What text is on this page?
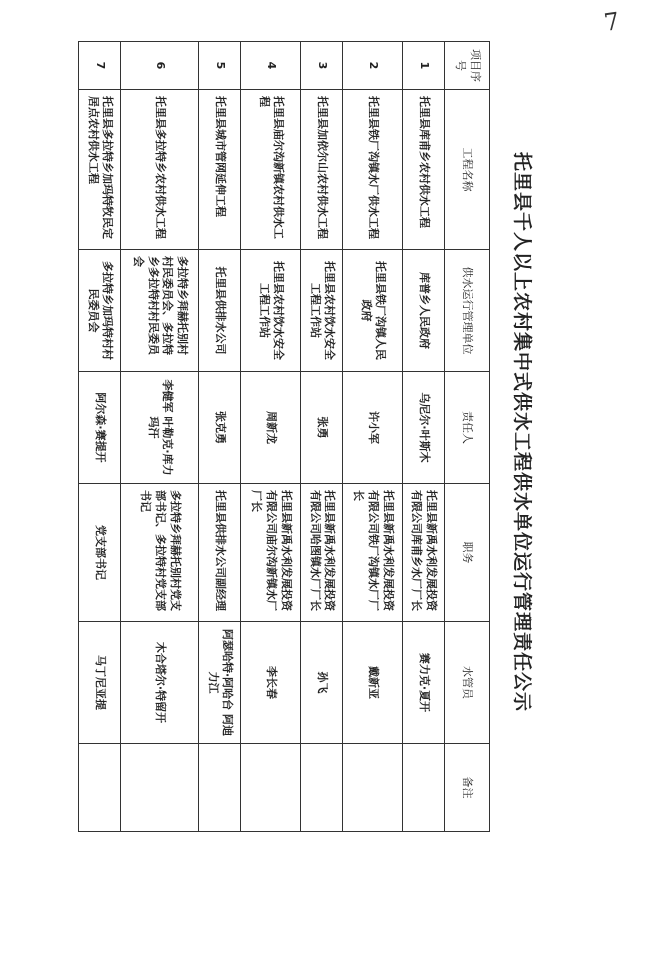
7
托里县千人以上农村集中式供水工程供水单位运行管理责任公示
项目序号	工程名称	供水运行管理单位	责任人	职务	水管员	备注
1	托里县库甫乡农村供水工程	库普乡人民政府	乌尼尔·叶斯木	托里县新禹水利发展投资有限公司库甫乡水厂厂长	赛力克·夏开	
2	托里县铁厂沟镇水厂供水工程	托里县铁厂沟镇人民政府	许小军	托里县新禹水利发展投资有限公司铁厂沟镇水厂厂长	戴新亚	
3	托里县加依尔山农村供水工程	托里县农村饮水安全工程工作站	张勇	托里县新禹水利发展投资有限公司哈图镇水厂厂长	孙飞	
4	托里县庙尔沟新镇农村供水工程	托里县农村饮水安全工程工作站	周新龙	托里县新禹水利发展投资有限公司庙尔沟新镇水厂厂长	李长春	
5	托里县城市管网延伸工程	托里县供排水公司	张克勇	托里县供排水公司副经理	阿瑟哈特·阿哈台 阿迪力江	
6	托里县多拉特乡农村供水工程	多拉特乡拜赫托别村村民委员会、多拉特乡多拉特村村民委员会	李健军 叶勒克·库力玛汗	多拉特乡拜赫托别村党支部书记、多拉特村党支部书记	木合塔尔·特留开	
7	托里县多拉特乡加玛特牧民定居点农村供水工程	多拉特乡加玛特村村民委员会	阿尔森·赛提开	党支部书记	马丁尼亚提	
